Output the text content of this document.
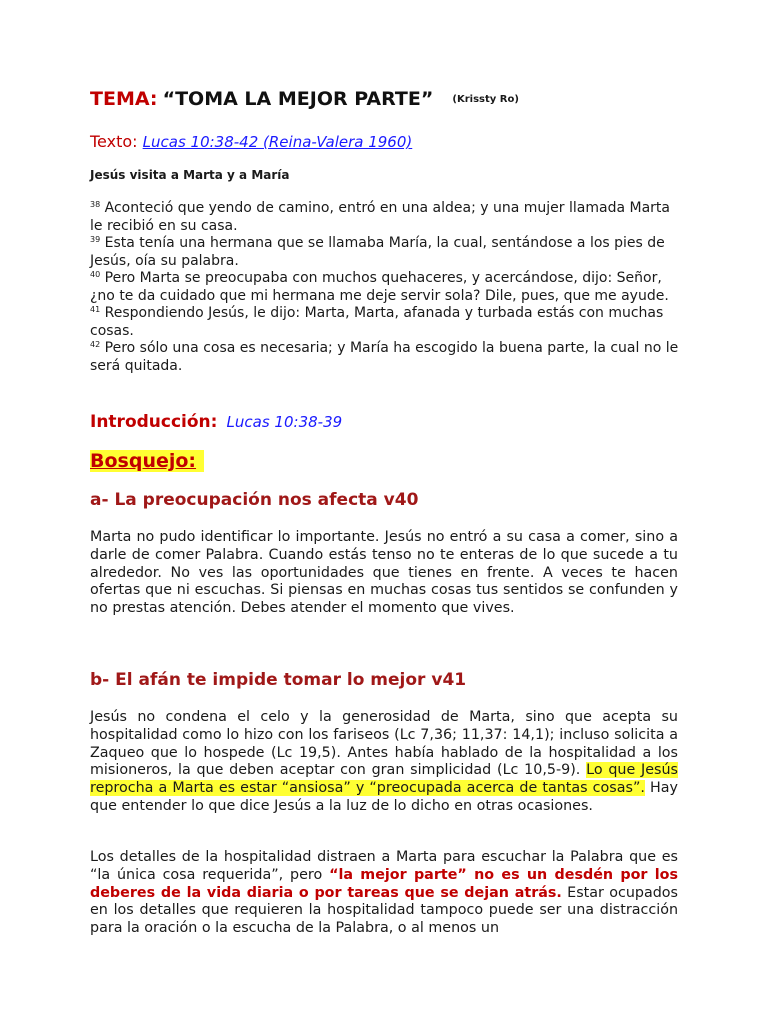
TEMA: “TOMA LA MEJOR PARTE” (Krissty Ro)
Texto: Lucas 10:38-42 (Reina-Valera 1960)
Jesús visita a Marta y a María

$^{38}$ Aconteció que yendo de camino, entró en una aldea; y una mujer llamada Marta le recibió en su casa.

$^{39}$ Esta tenía una hermana que se llamaba María, la cual, sentándose a los pies de Jesús, oía su palabra.

$^{40}$ Pero Marta se preocupaba con muchos quehaceres, y acercándose, dijo: Señor, ¿no te da cuidado que mi hermana me deje servir sola? Dile, pues, que me ayude.

$^{41}$ Respondiendo Jesús, le dijo: Marta, Marta, afanada y turbada estás con muchas cosas.

$^{42}$ Pero sólo una cosa es necesaria; y María ha escogido la buena parte, la cual no le será quitada.

Introducción: Lucas 10:38-39
Bosquejo:
a- La preocupación nos afecta v40
Marta no pudo identificar lo importante. Jesús no entró a su casa a comer, sino a darle de comer Palabra. Cuando estás tenso no te enteras de lo que sucede a tu alrededor. No ves las oportunidades que tienes en frente. A veces te hacen ofertas que ni escuchas. Si piensas en muchas cosas tus sentidos se confunden y no prestas atención. Debes atender el momento que vives.
b- El afán te impide tomar lo mejor v41
Jesús no condena el celo y la generosidad de Marta, sino que acepta su hospitalidad como lo hizo con los fariseos (Lc 7,36; 11,37: 14,1); incluso solicita a Zaqueo que lo hospede (Lc 19,5). Antes había hablado de la hospitalidad a los misioneros, la que deben aceptar con gran simplicidad (Lc 10,5-9). Lo que Jesús reprocha a Marta es estar “ansiosa” y “preocupada acerca de tantas cosas”. Hay que entender lo que dice Jesús a la luz de lo dicho en otras ocasiones.
Los detalles de la hospitalidad distraen a Marta para escuchar la Palabra que es “la única cosa requerida”, pero “la mejor parte” no es un desdén por los deberes de la vida diaria o por tareas que se dejan atrás. Estar ocupados en los detalles que requieren la hospitalidad tampoco puede ser una distracción para la oración o la escucha de la Palabra, o al menos un
